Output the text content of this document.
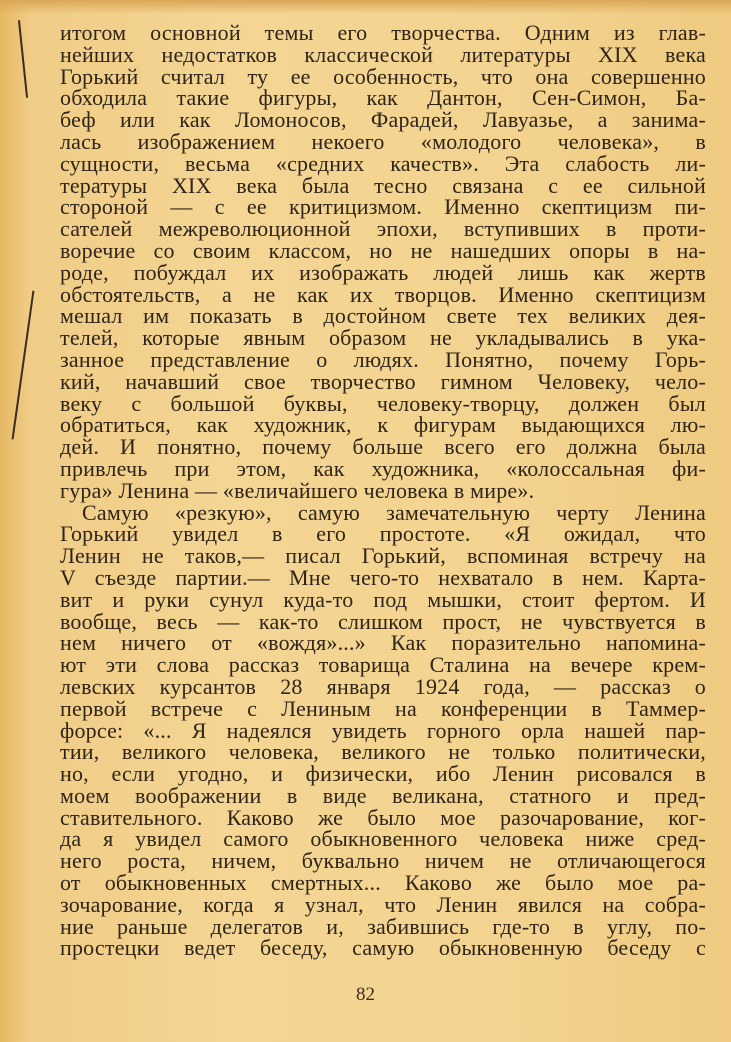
итогом основной темы его творчества. Одним из глав-
нейших недостатков классической литературы XIX века
Горький считал ту ее особенность, что она совершенно
обходила такие фигуры, как Дантон, Сен-Симон, Ба-
беф или как Ломоносов, Фарадей, Лавуазье, а занима-
лась изображением некоего «молодого человека», в
сущности, весьма «средних качеств». Эта слабость ли-
тературы XIX века была тесно связана с ее сильной
стороной — с ее критицизмом. Именно скептицизм пи-
сателей межреволюционной эпохи, вступивших в проти-
воречие со своим классом, но не нашедших опоры в на-
роде, побуждал их изображать людей лишь как жертв
обстоятельств, а не как их творцов. Именно скептицизм
мешал им показать в достойном свете тех великих дея-
телей, которые явным образом не укладывались в ука-
занное представление о людях. Понятно, почему Горь-
кий, начавший свое творчество гимном Человеку, чело-
веку с большой буквы, человеку-творцу, должен был
обратиться, как художник, к фигурам выдающихся лю-
дей. И понятно, почему больше всего его должна была
привлечь при этом, как художника, «колоссальная фи-
гура» Ленина — «величайшего человека в мире».
Самую «резкую», самую замечательную черту Ленина
Горький увидел в его простоте. «Я ожидал, что
Ленин не таков,— писал Горький, вспоминая встречу на
V съезде партии.— Мне чего-то нехватало в нем. Карта-
вит и руки сунул куда-то под мышки, стоит фертом. И
вообще, весь — как-то слишком прост, не чувствуется в
нем ничего от «вождя»...» Как поразительно напомина-
ют эти слова рассказ товарища Сталина на вечере крем-
левских курсантов 28 января 1924 года, — рассказ о
первой встрече с Лениным на конференции в Таммер-
форсе: «... Я надеялся увидеть горного орла нашей пар-
тии, великого человека, великого не только политически,
но, если угодно, и физически, ибо Ленин рисовался в
моем воображении в виде великана, статного и пред-
ставительного. Каково же было мое разочарование, ког-
да я увидел самого обыкновенного человека ниже сред-
него роста, ничем, буквально ничем не отличающегося
от обыкновенных смертных... Каково же было мое ра-
зочарование, когда я узнал, что Ленин явился на собра-
ние раньше делегатов и, забившись где-то в углу, по-
простецки ведет беседу, самую обыкновенную беседу с
82
